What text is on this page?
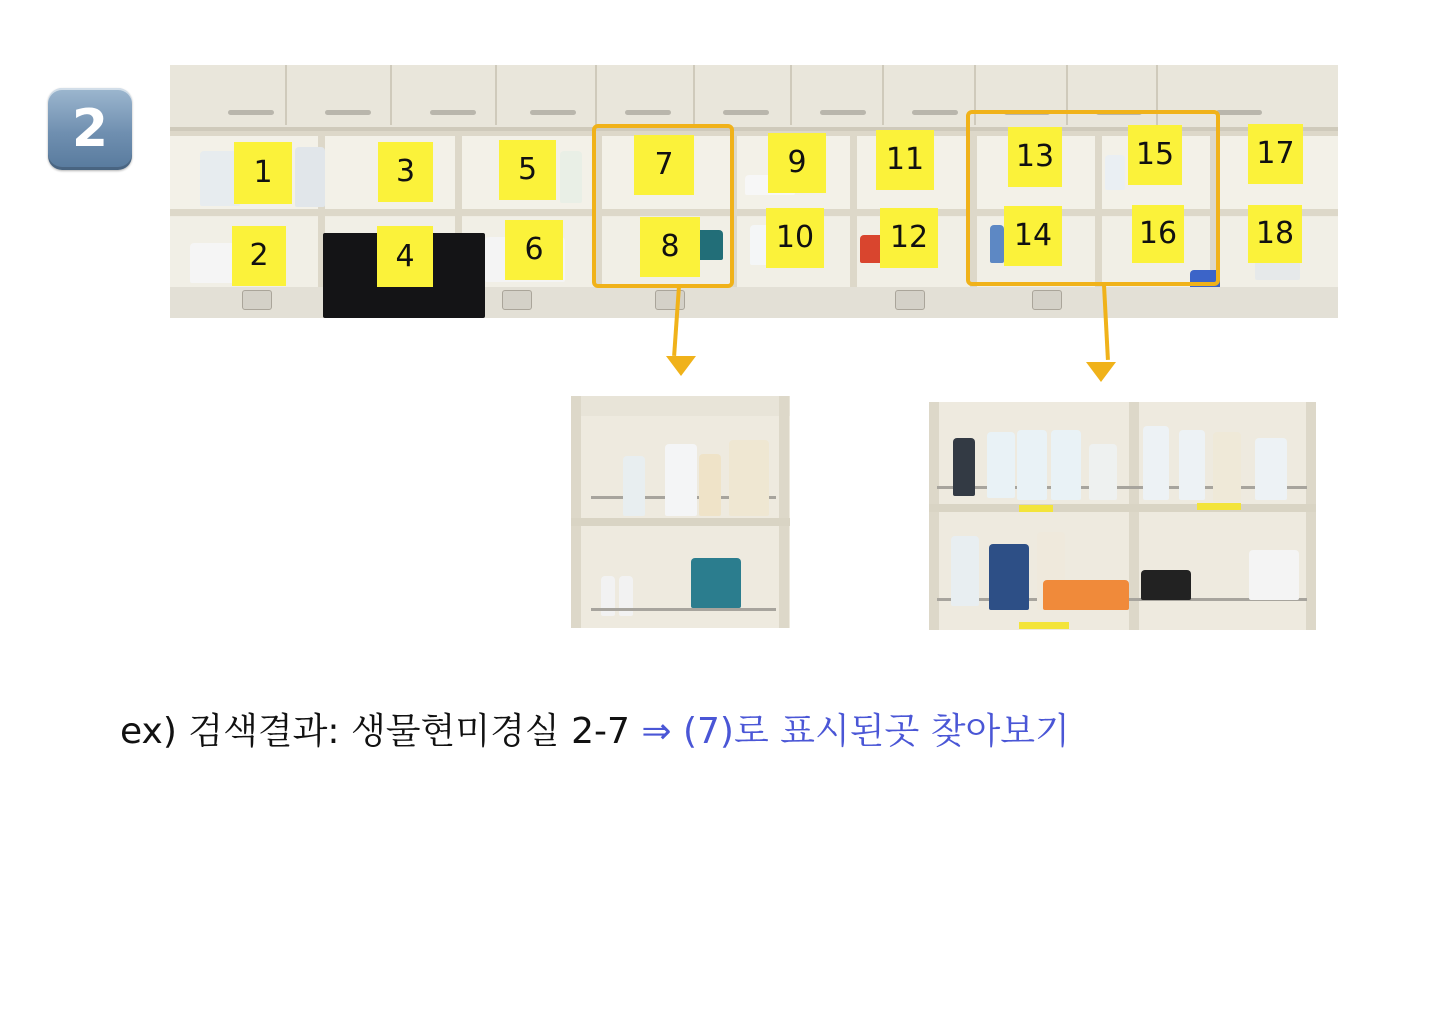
2
1
2
3
4
5
6
7
8
9
10
11
12
13
14
15
16
17
18
ex) 검색결과: 생물현미경실 2-7 ⇒ (7)로 표시된곳 찾아보기
